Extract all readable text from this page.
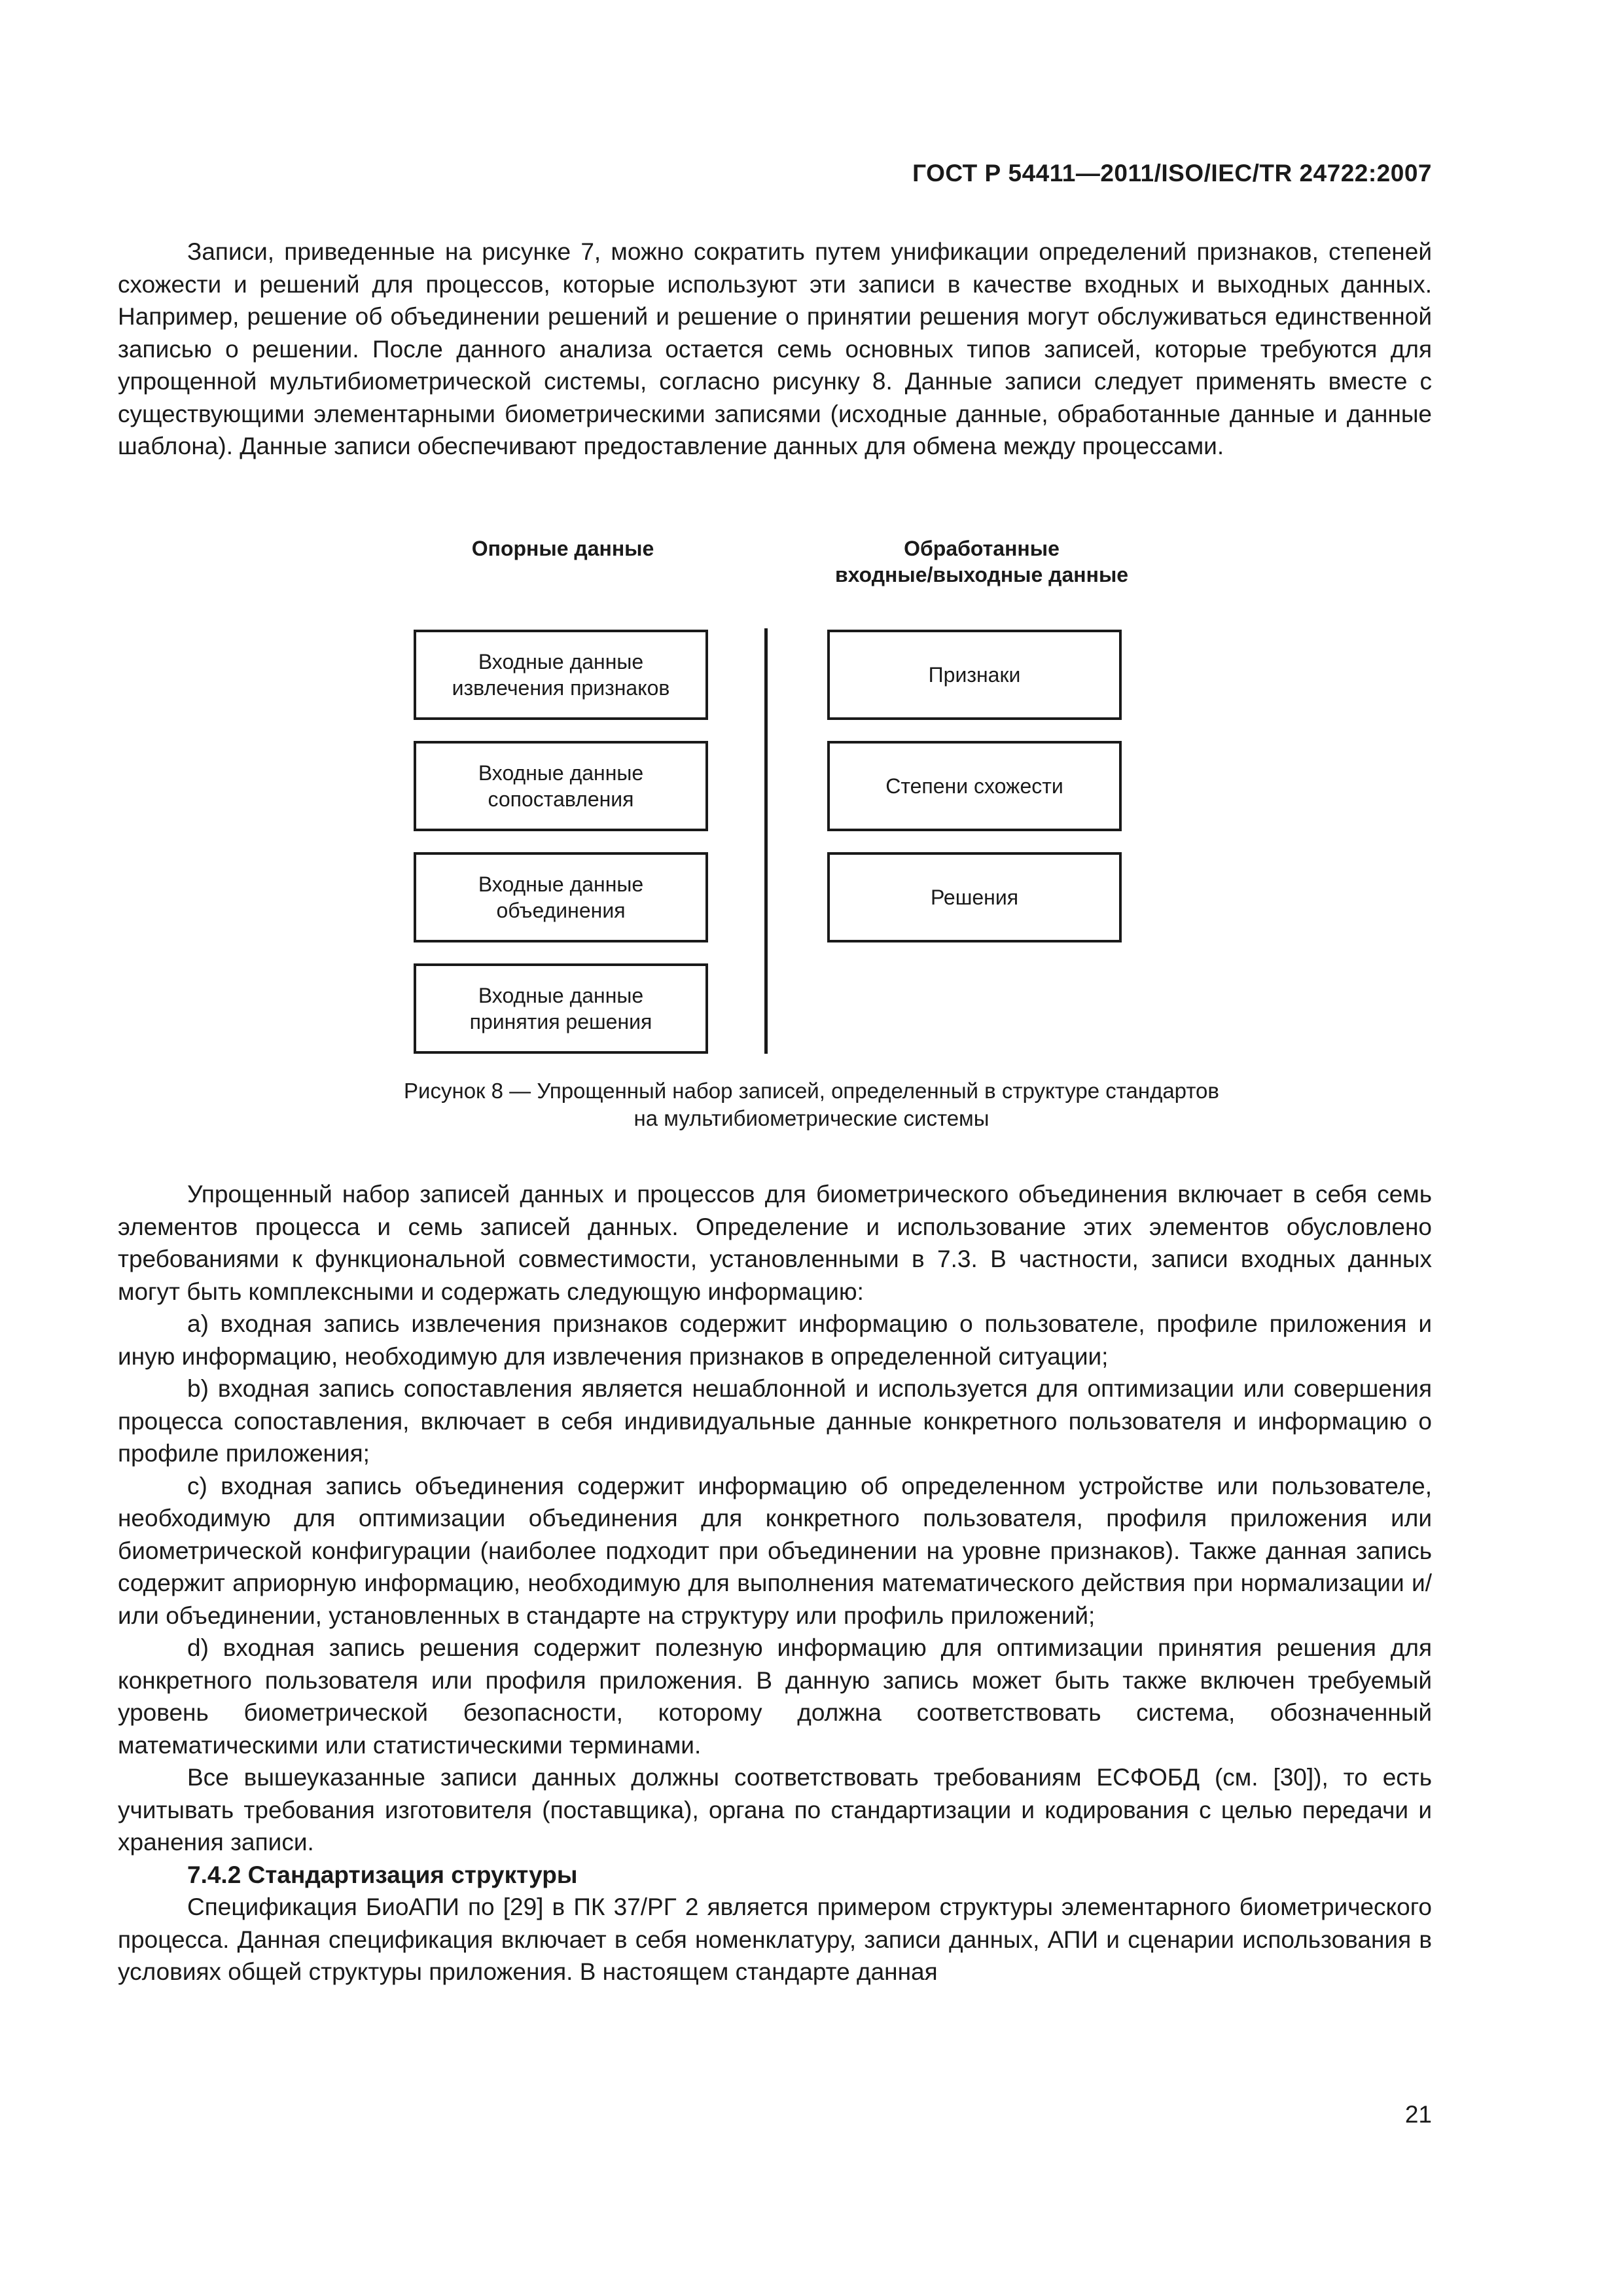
ГОСТ Р 54411—2011/ISO/IEC/TR 24722:2007

Записи, приведенные на рисунке 7, можно сократить путем унификации определений признаков, степеней схожести и решений для процессов, которые используют эти записи в качестве входных и выходных данных. Например, решение об объединении решений и решение о принятии решения могут обслуживаться единственной записью о решении. После данного анализа остается семь основных типов записей, которые требуются для упрощенной мультибиометрической системы, согласно рисунку 8. Данные записи следует применять вместе с существующими элементарными биометрическими записями (исходные данные, обработанные данные и данные шаблона). Данные записи обеспечивают предоставление данных для обмена между процессами.

Опорные данные	Обработанные
входные/выходные данные
Входные данные
извлечения признаков
Входные данные
сопоставления
Входные данные
объединения
Входные данные
принятия решения
Признаки
Степени схожести
Решения
Рисунок 8 — Упрощенный набор записей, определенный в структуре стандартов
на мультибиометрические системы

Упрощенный набор записей данных и процессов для биометрического объединения включает в себя семь элементов процесса и семь записей данных. Определение и использование этих элементов обусловлено требованиями к функциональной совместимости, установленными в 7.3. В частности, записи входных данных могут быть комплексными и содержать следующую информацию:

а) входная запись извлечения признаков содержит информацию о пользователе, профиле приложения и иную информацию, необходимую для извлечения признаков в определенной ситуации;

b) входная запись сопоставления является нешаблонной и используется для оптимизации или совершения процесса сопоставления, включает в себя индивидуальные данные конкретного пользователя и информацию о профиле приложения;

с) входная запись объединения содержит информацию об определенном устройстве или пользователе, необходимую для оптимизации объединения для конкретного пользователя, профиля приложения или биометрической конфигурации (наиболее подходит при объединении на уровне признаков). Также данная запись содержит априорную информацию, необходимую для выполнения математического действия при нормализации и/или объединении, установленных в стандарте на структуру или профиль приложений;

d) входная запись решения содержит полезную информацию для оптимизации принятия решения для конкретного пользователя или профиля приложения. В данную запись может быть также включен требуемый уровень биометрической безопасности, которому должна соответствовать система, обозначенный математическими или статистическими терминами.

Все вышеуказанные записи данных должны соответствовать требованиям ЕСФОБД (см. [30]), то есть учитывать требования изготовителя (поставщика), органа по стандартизации и кодирования с целью передачи и хранения записи.

7.4.2 Стандартизация структуры

Спецификация БиоАПИ по [29] в ПК 37/РГ 2 является примером структуры элементарного биометрического процесса. Данная спецификация включает в себя номенклатуру, записи данных, АПИ и сценарии использования в условиях общей структуры приложения. В настоящем стандарте данная

21
